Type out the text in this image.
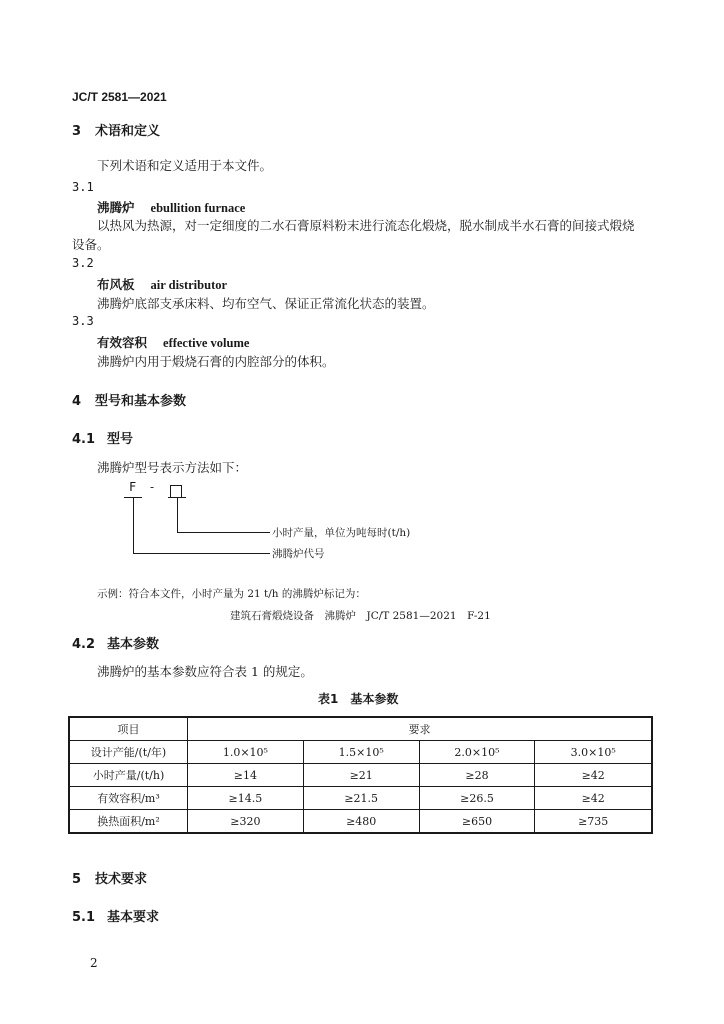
JC/T 2581—2021
3 术语和定义
下列术语和定义适用于本文件。
3.1
沸腾炉 ebullition furnace
以热风为热源，对一定细度的二水石膏原料粉末进行流态化煅烧，脱水制成半水石膏的间接式煅烧
设备。
3.2
布风板 air distributor
沸腾炉底部支承床料、均布空气、保证正常流化状态的装置。
3.3
有效容积 effective volume
沸腾炉内用于煅烧石膏的内腔部分的体积。
4 型号和基本参数
4.1 型号
沸腾炉型号表示方法如下：
F -
小时产量，单位为吨每时(t/h)
沸腾炉代号
示例：符合本文件，小时产量为 21 t/h 的沸腾炉标记为：
建筑石膏煅烧设备　沸腾炉　JC/T 2581—2021　F-21
4.2 基本参数
沸腾炉的基本参数应符合表 1 的规定。
表1　基本参数
项目	要求			
设计产能/(t/年)	1.0×10⁵	1.5×10⁵	2.0×10⁵	3.0×10⁵
小时产量/(t/h)	≥14	≥21	≥28	≥42
有效容积/m³	≥14.5	≥21.5	≥26.5	≥42
换热面积/m²	≥320	≥480	≥650	≥735
5 技术要求
5.1 基本要求
2
